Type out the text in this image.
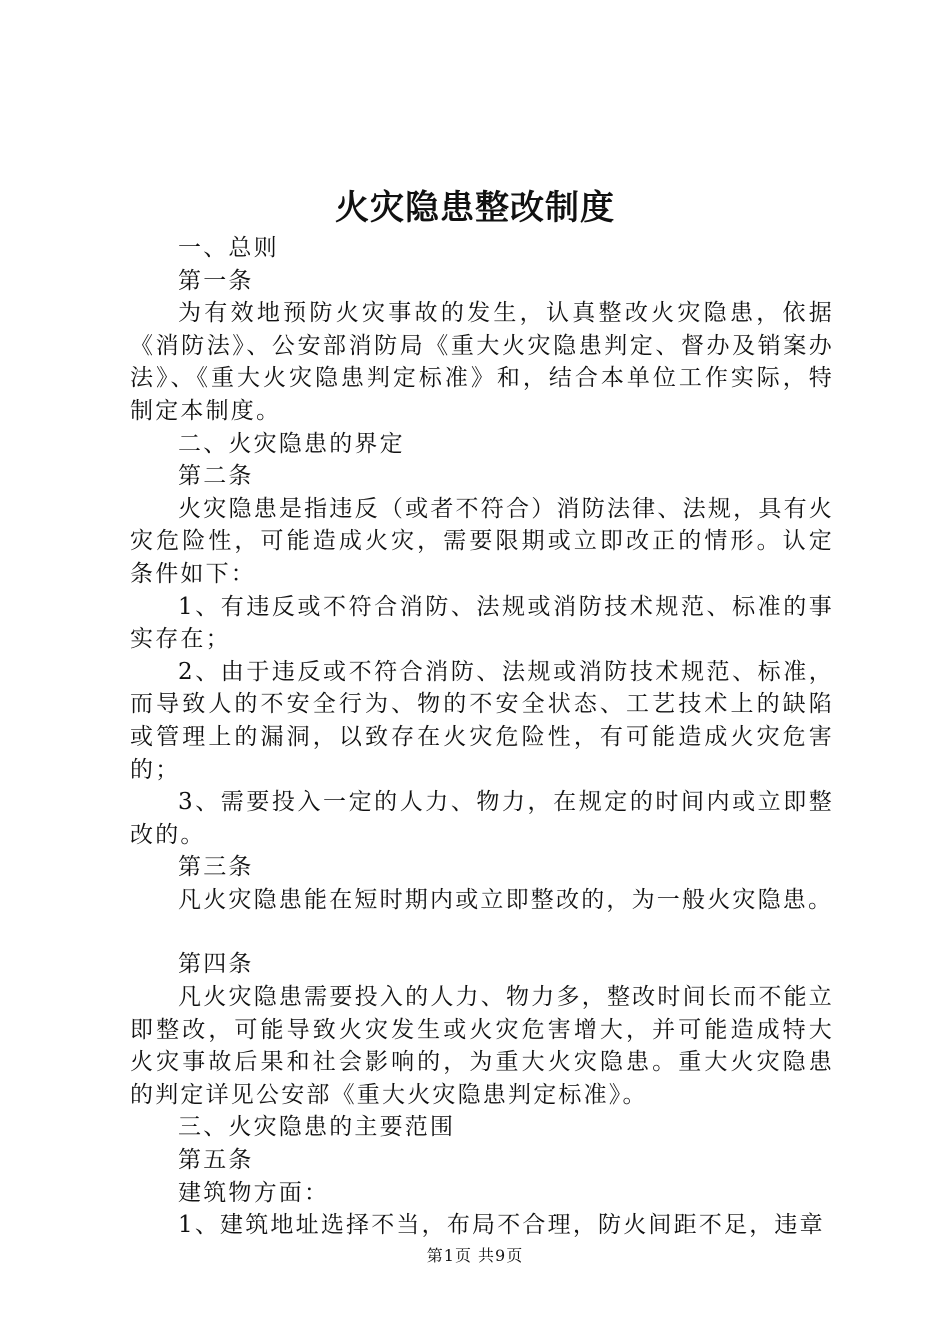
火灾隐患整改制度

一、总则

第一条

为有效地预防火灾事故的发生，认真整改火灾隐患，依据《消防法》、公安部消防局《重大火灾隐患判定、督办及销案办法》、《重大火灾隐患判定标准》和，结合本单位工作实际，特制定本制度。

二、火灾隐患的界定

第二条

火灾隐患是指违反（或者不符合）消防法律、法规，具有火灾危险性，可能造成火灾，需要限期或立即改正的情形。认定条件如下：

1、有违反或不符合消防、法规或消防技术规范、标准的事实存在；

2、由于违反或不符合消防、法规或消防技术规范、标准，而导致人的不安全行为、物的不安全状态、工艺技术上的缺陷或管理上的漏洞，以致存在火灾危险性，有可能造成火灾危害的；

3、需要投入一定的人力、物力，在规定的时间内或立即整改的。

第三条

凡火灾隐患能在短时期内或立即整改的，为一般火灾隐患。

第四条

凡火灾隐患需要投入的人力、物力多，整改时间长而不能立即整改，可能导致火灾发生或火灾危害增大，并可能造成特大火灾事故后果和社会影响的，为重大火灾隐患。重大火灾隐患的判定详见公安部《重大火灾隐患判定标准》。

三、火灾隐患的主要范围

第五条

建筑物方面：

1、建筑地址选择不当，布局不合理，防火间距不足，违章

第1页 共9页
